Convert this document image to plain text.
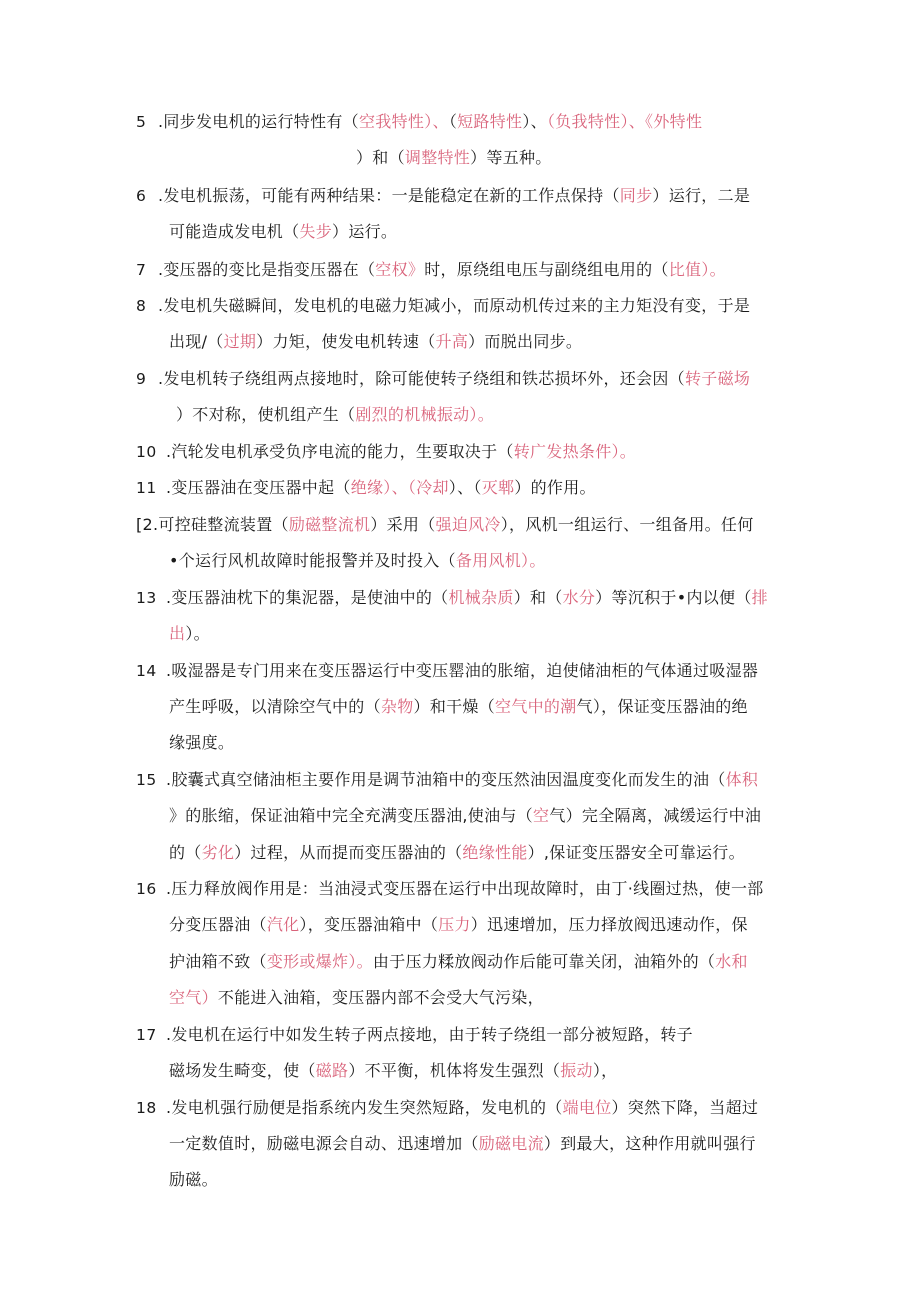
5 .同步发电机的运行特性有（空我特性）、（短路特性）、（负我特性）、《外特性
）和（调整特性）等五种。
6 .发电机振荡，可能有两种结果：一是能稳定在新的工作点保持（同步）运行，二是
可能造成发电机（失步）运行。
7 .变压器的变比是指变压器在（空权》时，原绕组电压与副绕组电用的（比值）。
8 .发电机失磁瞬间，发电机的电磁力矩减小，而原动机传过来的主力矩没有变，于是
出现/（过期）力矩，使发电机转速（升高）而脱出同步。
9 .发电机转子绕组两点接地时，除可能使转子绕组和铁芯损坏外，还会因（转子磁场
）不对称，使机组产生（剧烈的机械振动）。
10 .汽轮发电机承受负序电流的能力，生要取决于（转广发热条件）。
11 .变压器油在变压器中起（绝缘）、（冷却）、（灭郫）的作用。
[2.可控硅整流装置（励磁整流机）采用（强迫风冷），风机一组运行、一组备用。任何
•个运行风机故障时能报警并及时投入（备用风机）。
13 .变压器油枕下的集泥器，是使油中的（机械杂质）和（水分）等沉积于•内以便（排
出）。
14 .吸湿器是专门用来在变压器运行中变压罂油的胀缩，迫使储油柜的气体通过吸湿器
产生呼吸，以清除空气中的（杂物）和干燥（空气中的潮气），保证变压器油的绝
缘强度。
15 .胶囊式真空储油柜主要作用是调节油箱中的变压然油因温度变化而发生的油（体积
》的胀缩，保证油箱中完全充满变压器油,使油与（空气）完全隔离，减缓运行中油
的（劣化）过程，从而提而变压器油的（绝缘性能）,保证变压器安全可靠运行。
16 .压力释放阀作用是：当油浸式变压器在运行中出现故障时，由丁·线圈过热，使一部
分变压器油（汽化），变压器油箱中（压力）迅速增加，压力择放阀迅速动作，保
护油箱不致（变形或爆炸）。由于压力糅放阀动作后能可靠关闭，油箱外的（水和
空气）不能进入油箱，变压器内部不会受大气污染，
17 .发电机在运行中如发生转子两点接地，由于转子绕组一部分被短路，转子
磁场发生畸变，使（磁路）不平衡，机体将发生强烈（振动），
18 .发电机强行励便是指系统内发生突然短路，发电机的（端电位）突然下降，当超过
一定数值时，励磁电源会自动、迅速增加（励磁电流）到最大，这种作用就叫强行
励磁。
